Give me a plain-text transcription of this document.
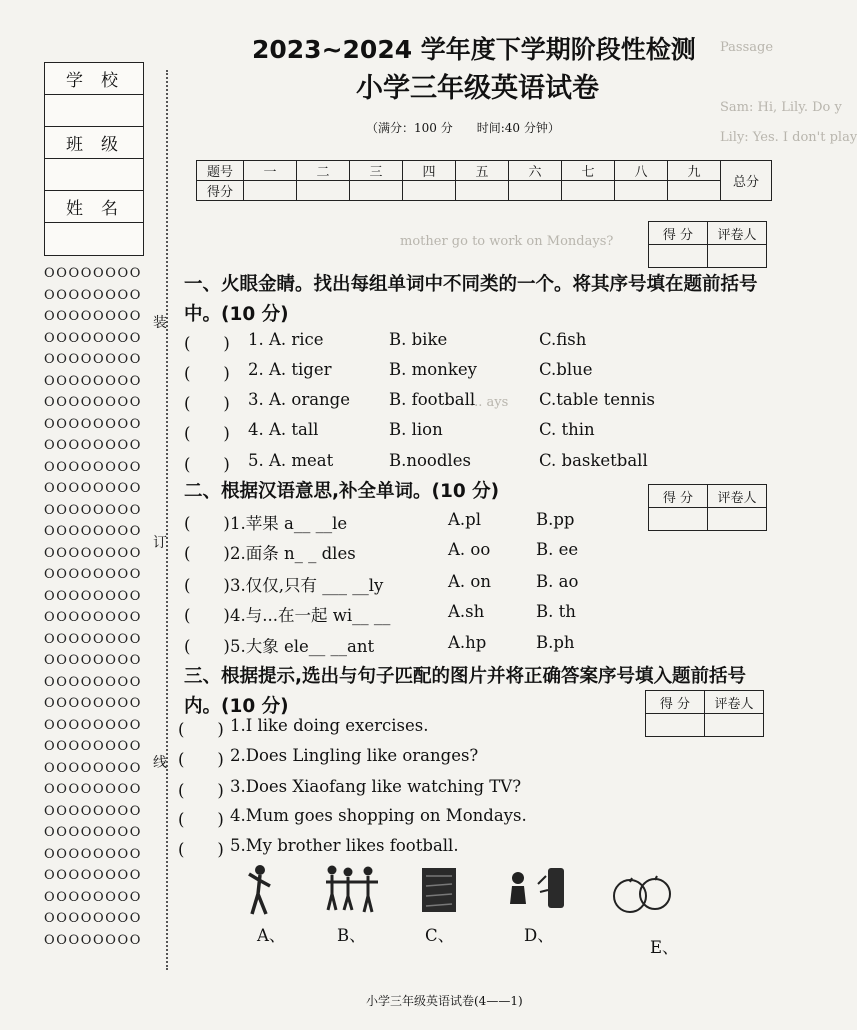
Passage
Sam: Hi, Lily. Do y
Lily: Yes. I don't play
mother go to work on Mondays?
... ays
学校
班级
姓名
OOOOOOOO
OOOOOOOO
OOOOOOOO
OOOOOOOO
OOOOOOOO
OOOOOOOO
OOOOOOOO
OOOOOOOO
OOOOOOOO
OOOOOOOO
OOOOOOOO
OOOOOOOO
OOOOOOOO
OOOOOOOO
OOOOOOOO
OOOOOOOO
OOOOOOOO
OOOOOOOO
OOOOOOOO
OOOOOOOO
OOOOOOOO
OOOOOOOO
OOOOOOOO
OOOOOOOO
OOOOOOOO
OOOOOOOO
OOOOOOOO
OOOOOOOO
OOOOOOOO
OOOOOOOO
OOOOOOOO
OOOOOOOO
装
订
线
2023~2024 学年度下学期阶段性检测
小学三年级英语试卷
（满分：100 分　　时间:40 分钟）
题号	一	二	三	四	五	六	七	八	九	总分
得分										
得 分	评卷人

得 分	评卷人

得 分	评卷人

一、火眼金睛。找出每组单词中不同类的一个。将其序号填在题前括号中。(10 分)
(　　) 1. A. rice	B. bike	C.fish
(　　) 2. A. tiger	B. monkey	C.blue
(　　) 3. A. orange B. football	C.table tennis
(　　) 4. A. tall	B. lion	C. thin
(　　) 5. A. meat	B.noodles	C. basketball
二、根据汉语意思,补全单词。(10 分)
(　　) 1.苹果 a__ __le	A.pl	B.pp
(　　) 2.面条 n_ _ dles	A. oo	B. ee
(　　) 3.仅仅,只有 ___ __ly	A. on	B. ao
(　　) 4.与...在一起 wi__ __	A.sh	B. th
(　　) 5.大象 ele__ __ant	A.hp	B.ph
三、根据提示,选出与句子匹配的图片并将正确答案序号填入题前括号内。(10 分)
(　　) 1.I like doing exercises.
(　　) 2.Does Lingling like oranges?
(　　) 3.Does Xiaofang like watching TV?
(　　) 4.Mum goes shopping on Mondays.
(　　) 5.My brother likes football.
A、	B、	C、	D、
E、
小学三年级英语试卷(4——1)
